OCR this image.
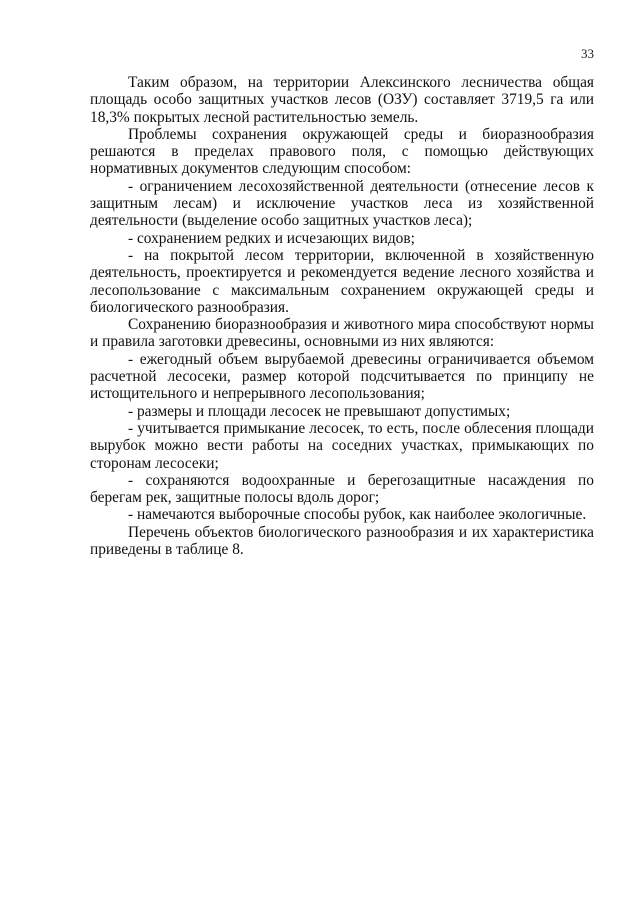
33

Таким образом, на территории Алексинского лесничества общая площадь особо защитных участков лесов (ОЗУ) составляет 3719,5 га или 18,3% покрытых лесной растительностью земель.

Проблемы сохранения окружающей среды и биоразнообразия решаются в пределах правового поля, с помощью действующих нормативных документов следующим способом:

- ограничением лесохозяйственной деятельности (отнесение лесов к защитным лесам) и исключение участков леса из хозяйственной деятельности (выделение особо защитных участков леса);

- сохранением редких и исчезающих видов;

- на покрытой лесом территории, включенной в хозяйственную деятельность, проектируется и рекомендуется ведение лесного хозяйства и лесопользование с максимальным сохранением окружающей среды и биологического разнообразия.

Сохранению биоразнообразия и животного мира способствуют нормы и правила заготовки древесины, основными из них являются:

- ежегодный объем вырубаемой древесины ограничивается объемом расчетной лесосеки, размер которой подсчитывается по принципу не истощительного и непрерывного лесопользования;

- размеры и площади лесосек не превышают допустимых;

- учитывается примыкание лесосек, то есть, после облесения площади вырубок можно вести работы на соседних участках, примыкающих по сторонам лесосеки;

- сохраняются водоохранные и берегозащитные насаждения по берегам рек, защитные полосы вдоль дорог;

- намечаются выборочные способы рубок, как наиболее экологичные.

Перечень объектов биологического разнообразия и их характеристика приведены в таблице 8.
